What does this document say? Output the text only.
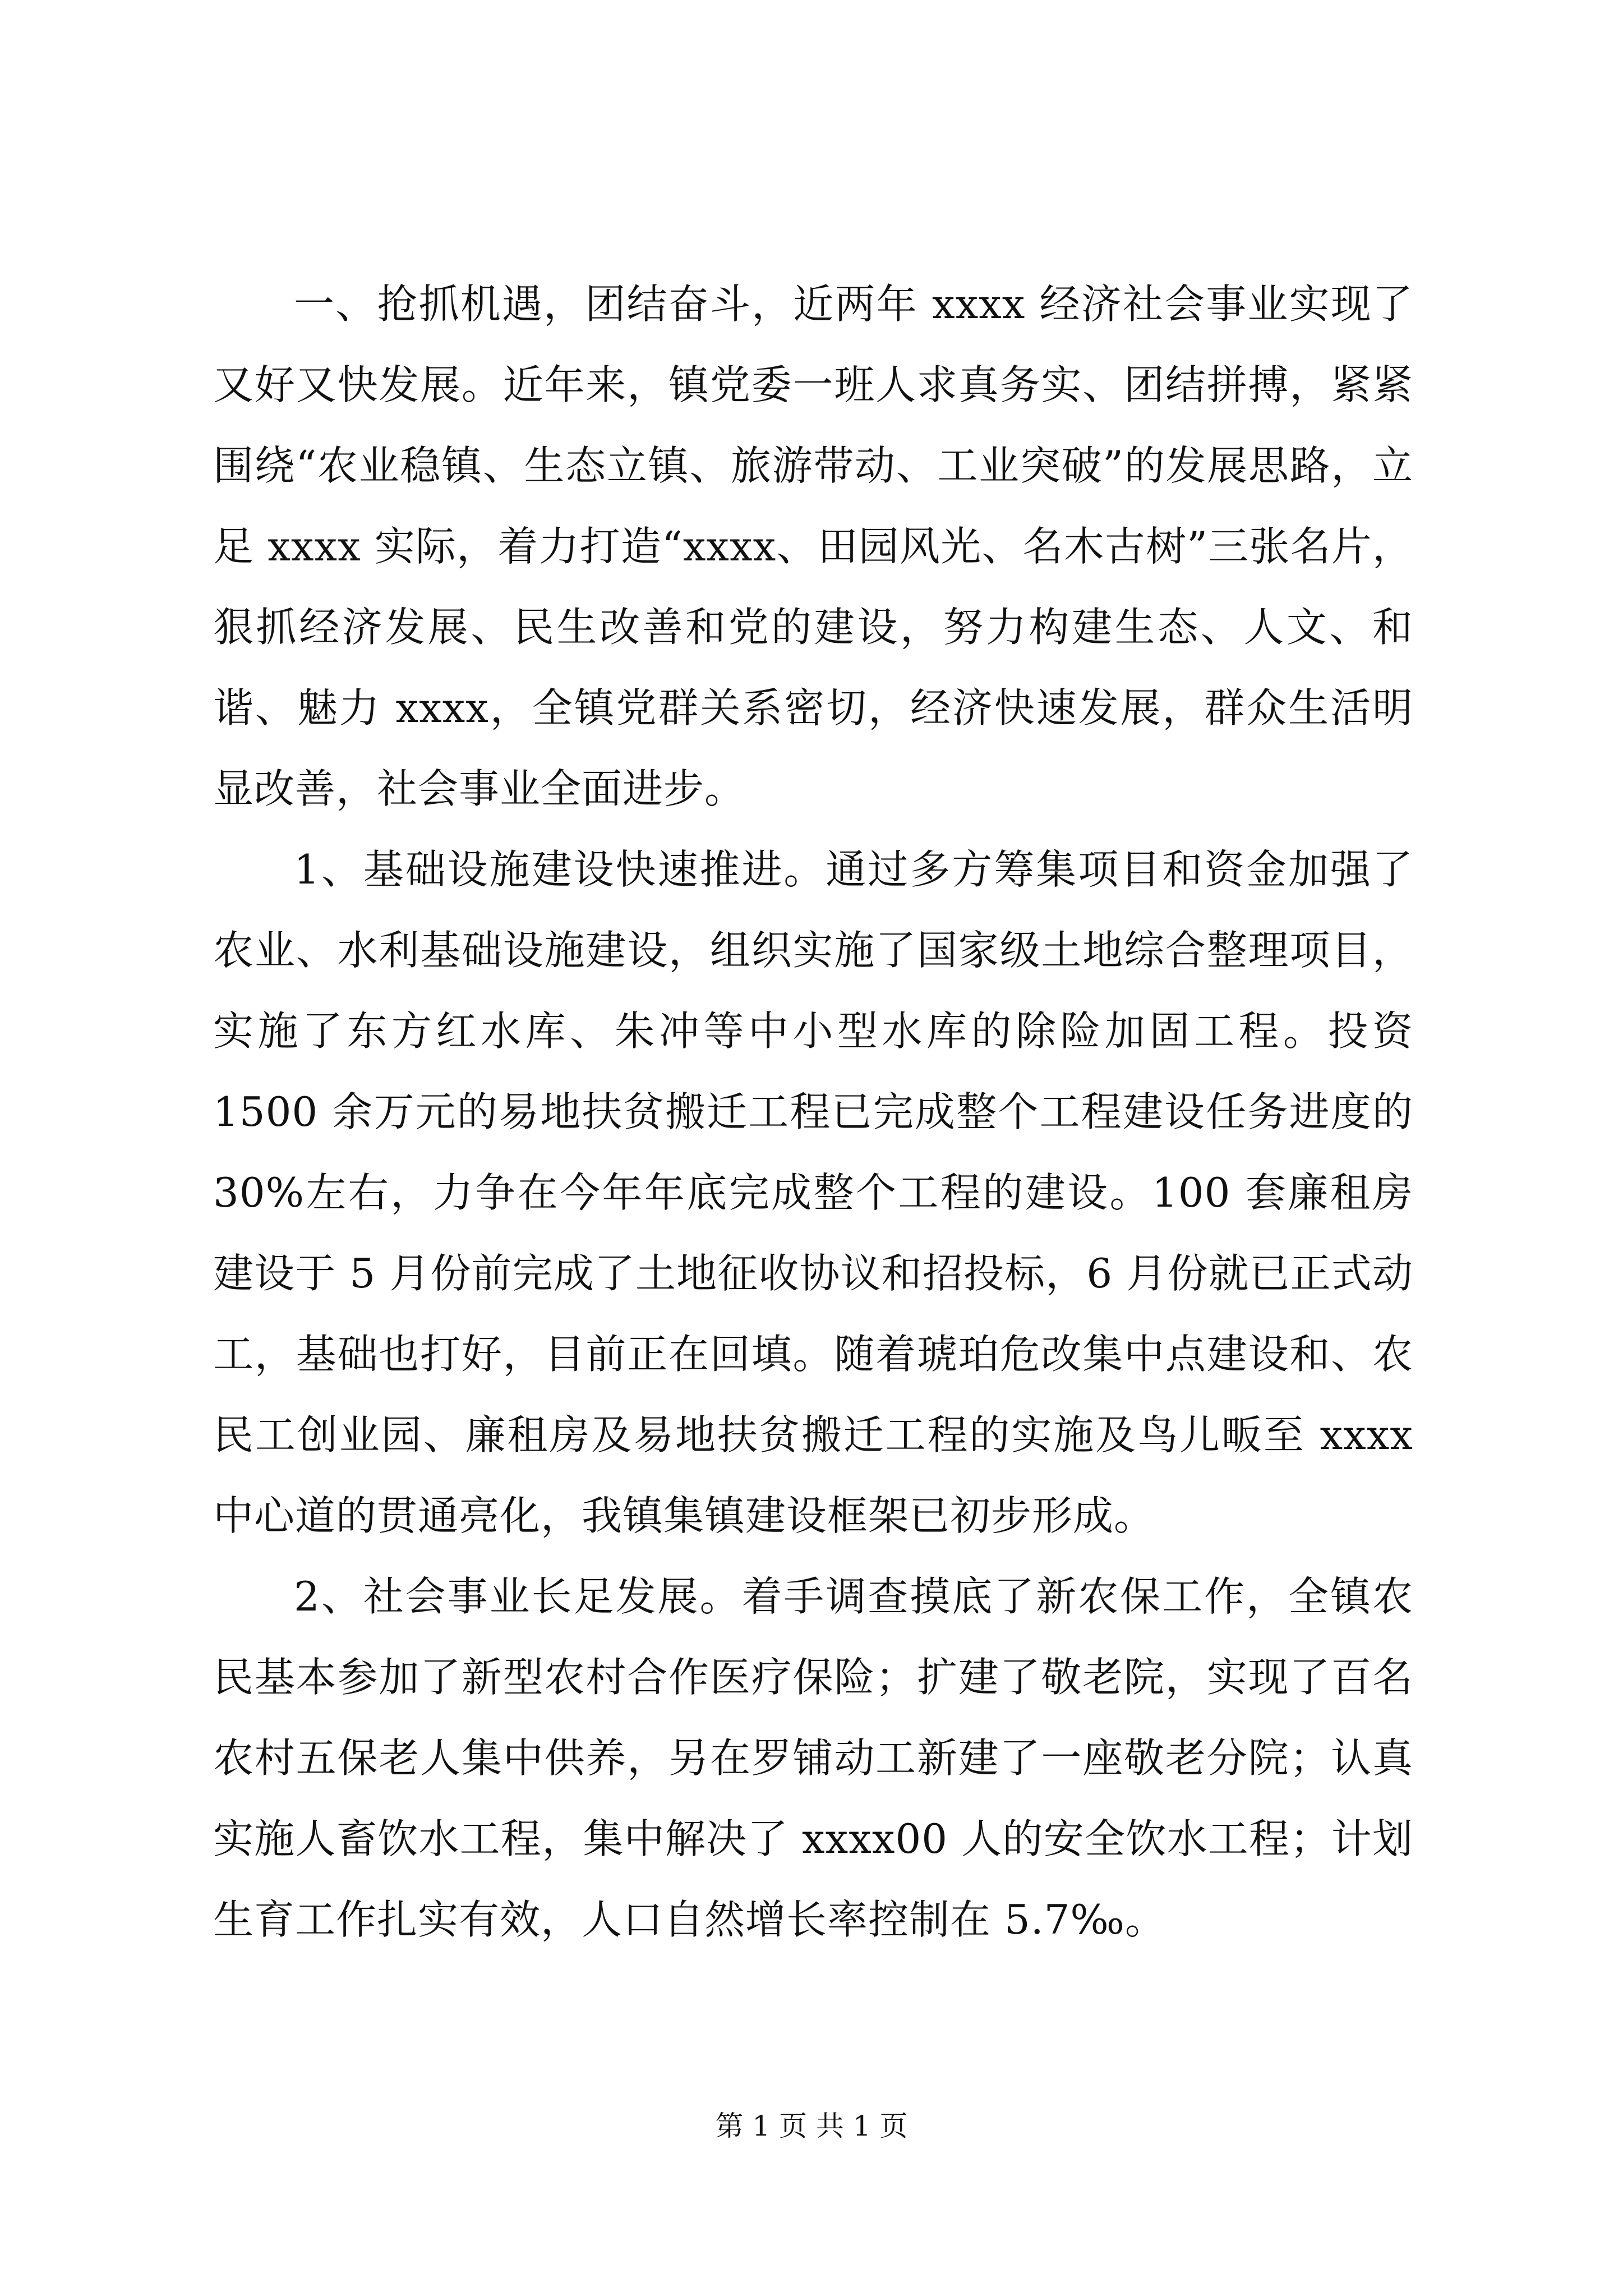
一、抢抓机遇，团结奋斗，近两年 xxxx 经济社会事业实现了又好又快发展。近年来，镇党委一班人求真务实、团结拼搏，紧紧围绕“农业稳镇、生态立镇、旅游带动、工业突破”的发展思路，立足 xxxx 实际，着力打造“xxxx、田园风光、名木古树”三张名片，狠抓经济发展、民生改善和党的建设，努力构建生态、人文、和谐、魅力 xxxx，全镇党群关系密切，经济快速发展，群众生活明显改善，社会事业全面进步。

1、基础设施建设快速推进。通过多方筹集项目和资金加强了农业、水利基础设施建设，组织实施了国家级土地综合整理项目，实施了东方红水库、朱冲等中小型水库的除险加固工程。投资 1500 余万元的易地扶贫搬迁工程已完成整个工程建设任务进度的 30%左右，力争在今年年底完成整个工程的建设。100 套廉租房建设于 5 月份前完成了土地征收协议和招投标，6 月份就已正式动工，基础也打好，目前正在回填。随着琥珀危改集中点建设和、农民工创业园、廉租房及易地扶贫搬迁工程的实施及鸟儿畈至 xxxx 中心道的贯通亮化，我镇集镇建设框架已初步形成。

2、社会事业长足发展。着手调查摸底了新农保工作，全镇农民基本参加了新型农村合作医疗保险；扩建了敬老院，实现了百名农村五保老人集中供养，另在罗铺动工新建了一座敬老分院；认真实施人畜饮水工程，集中解决了 xxxx00 人的安全饮水工程；计划生育工作扎实有效，人口自然增长率控制在 5.7‰。

第 1 页 共 1 页
